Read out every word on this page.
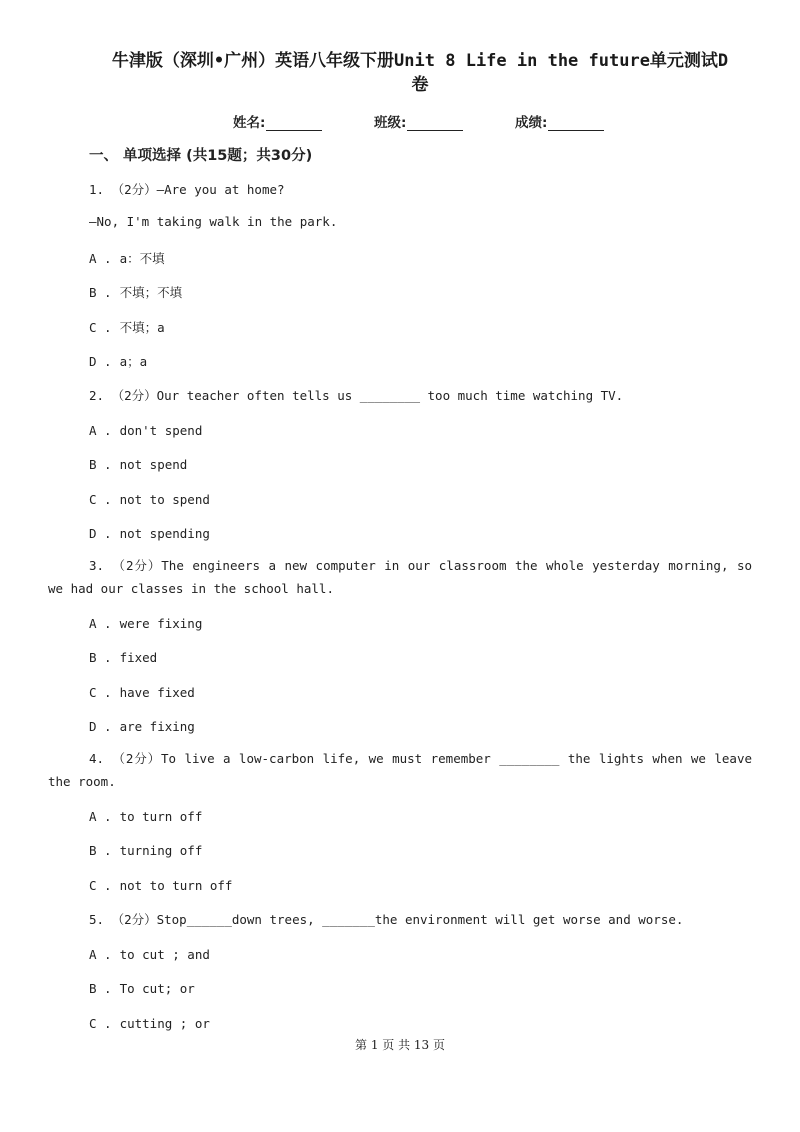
牛津版（深圳•广州）英语八年级下册Unit 8 Life in the future单元测试D
卷
姓名:	班级:	成绩:
一、 单项选择 (共15题；共30分)
1. （2分）—Are you at home?
—No, I'm taking walk in the park.
A . a：不填
B . 不填；不填
C . 不填；a
D . a；a
2. （2分）Our teacher often tells us ________ too much time watching TV.
A . don't spend
B . not spend
C . not to spend
D . not spending
3. （2分）The engineers a new computer in our classroom the whole yesterday morning, so we had our classes in the school hall.
A . were fixing
B . fixed
C . have fixed
D . are fixing
4. （2分）To live a low-carbon life, we must remember ________ the lights when we leave the room.
A . to turn off
B . turning off
C . not to turn off
5. （2分）Stop______down trees, _______the environment will get worse and worse.
A . to cut ; and
B . To cut; or
C . cutting ; or
第 1 页 共 13 页
